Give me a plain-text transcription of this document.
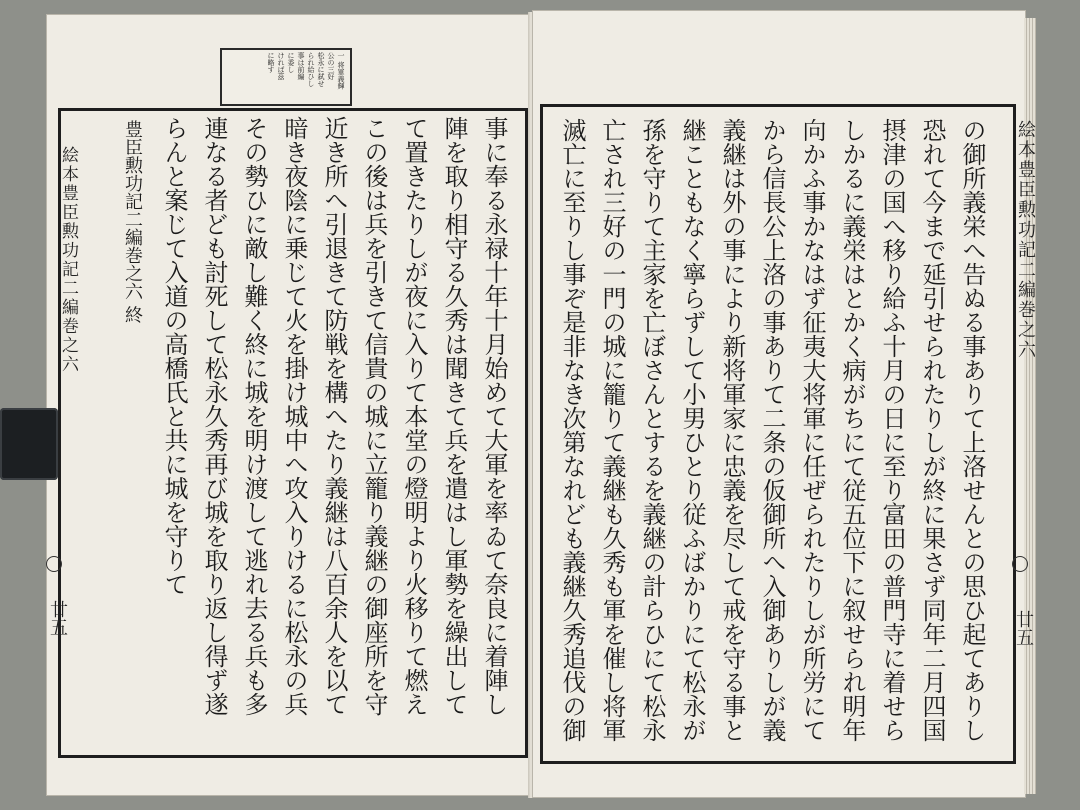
絵本豊臣勲功記二編巻之六
廿五
の御所義栄へ告ぬる事ありて上洛せんとの思ひ起てありし
恐れて今まで延引せられたりしが終に果さず同年二月四国
摂津の国へ移り給ふ十月の日に至り富田の普門寺に着せら
しかるに義栄はとかく病がちにて従五位下に叙せられ明年
向かふ事かなはず征夷大将軍に任ぜられたりしが所労にて
から信長公上洛の事ありて二条の仮御所へ入御ありしが義
義継は外の事により新将軍家に忠義を尽して戒を守る事と
継こともなく寧らずして小男ひとり従ふばかりにて松永が
孫を守りて主家を亡ぼさんとするを義継の計らひにて松永
亡され三好の一門の城に籠りて義継も久秀も軍を催し将軍
滅亡に至りし事ぞ是非なき次第なれども義継久秀追伐の御
一 将軍義輝
公の三好
松永に弑せ
られ給ひし
事は前編
に委し
ければ茲
に略す
絵本豊臣勲功記二編巻之六
廿五
事に奉る永禄十年十月始めて大軍を率ゐて奈良に着陣し
陣を取り相守る久秀は聞きて兵を遣はし軍勢を繰出して
て置きたりしが夜に入りて本堂の燈明より火移りて燃え
この後は兵を引きて信貴の城に立籠り義継の御座所を守
近き所へ引退きて防戦を構へたり義継は八百余人を以て
暗き夜陰に乗じて火を掛け城中へ攻入りけるに松永の兵
その勢ひに敵し難く終に城を明け渡して逃れ去る兵も多
連なる者ども討死して松永久秀再び城を取り返し得ず遂
らんと案じて入道の高橋氏と共に城を守りて
豊臣勲功記二編巻之六 終
